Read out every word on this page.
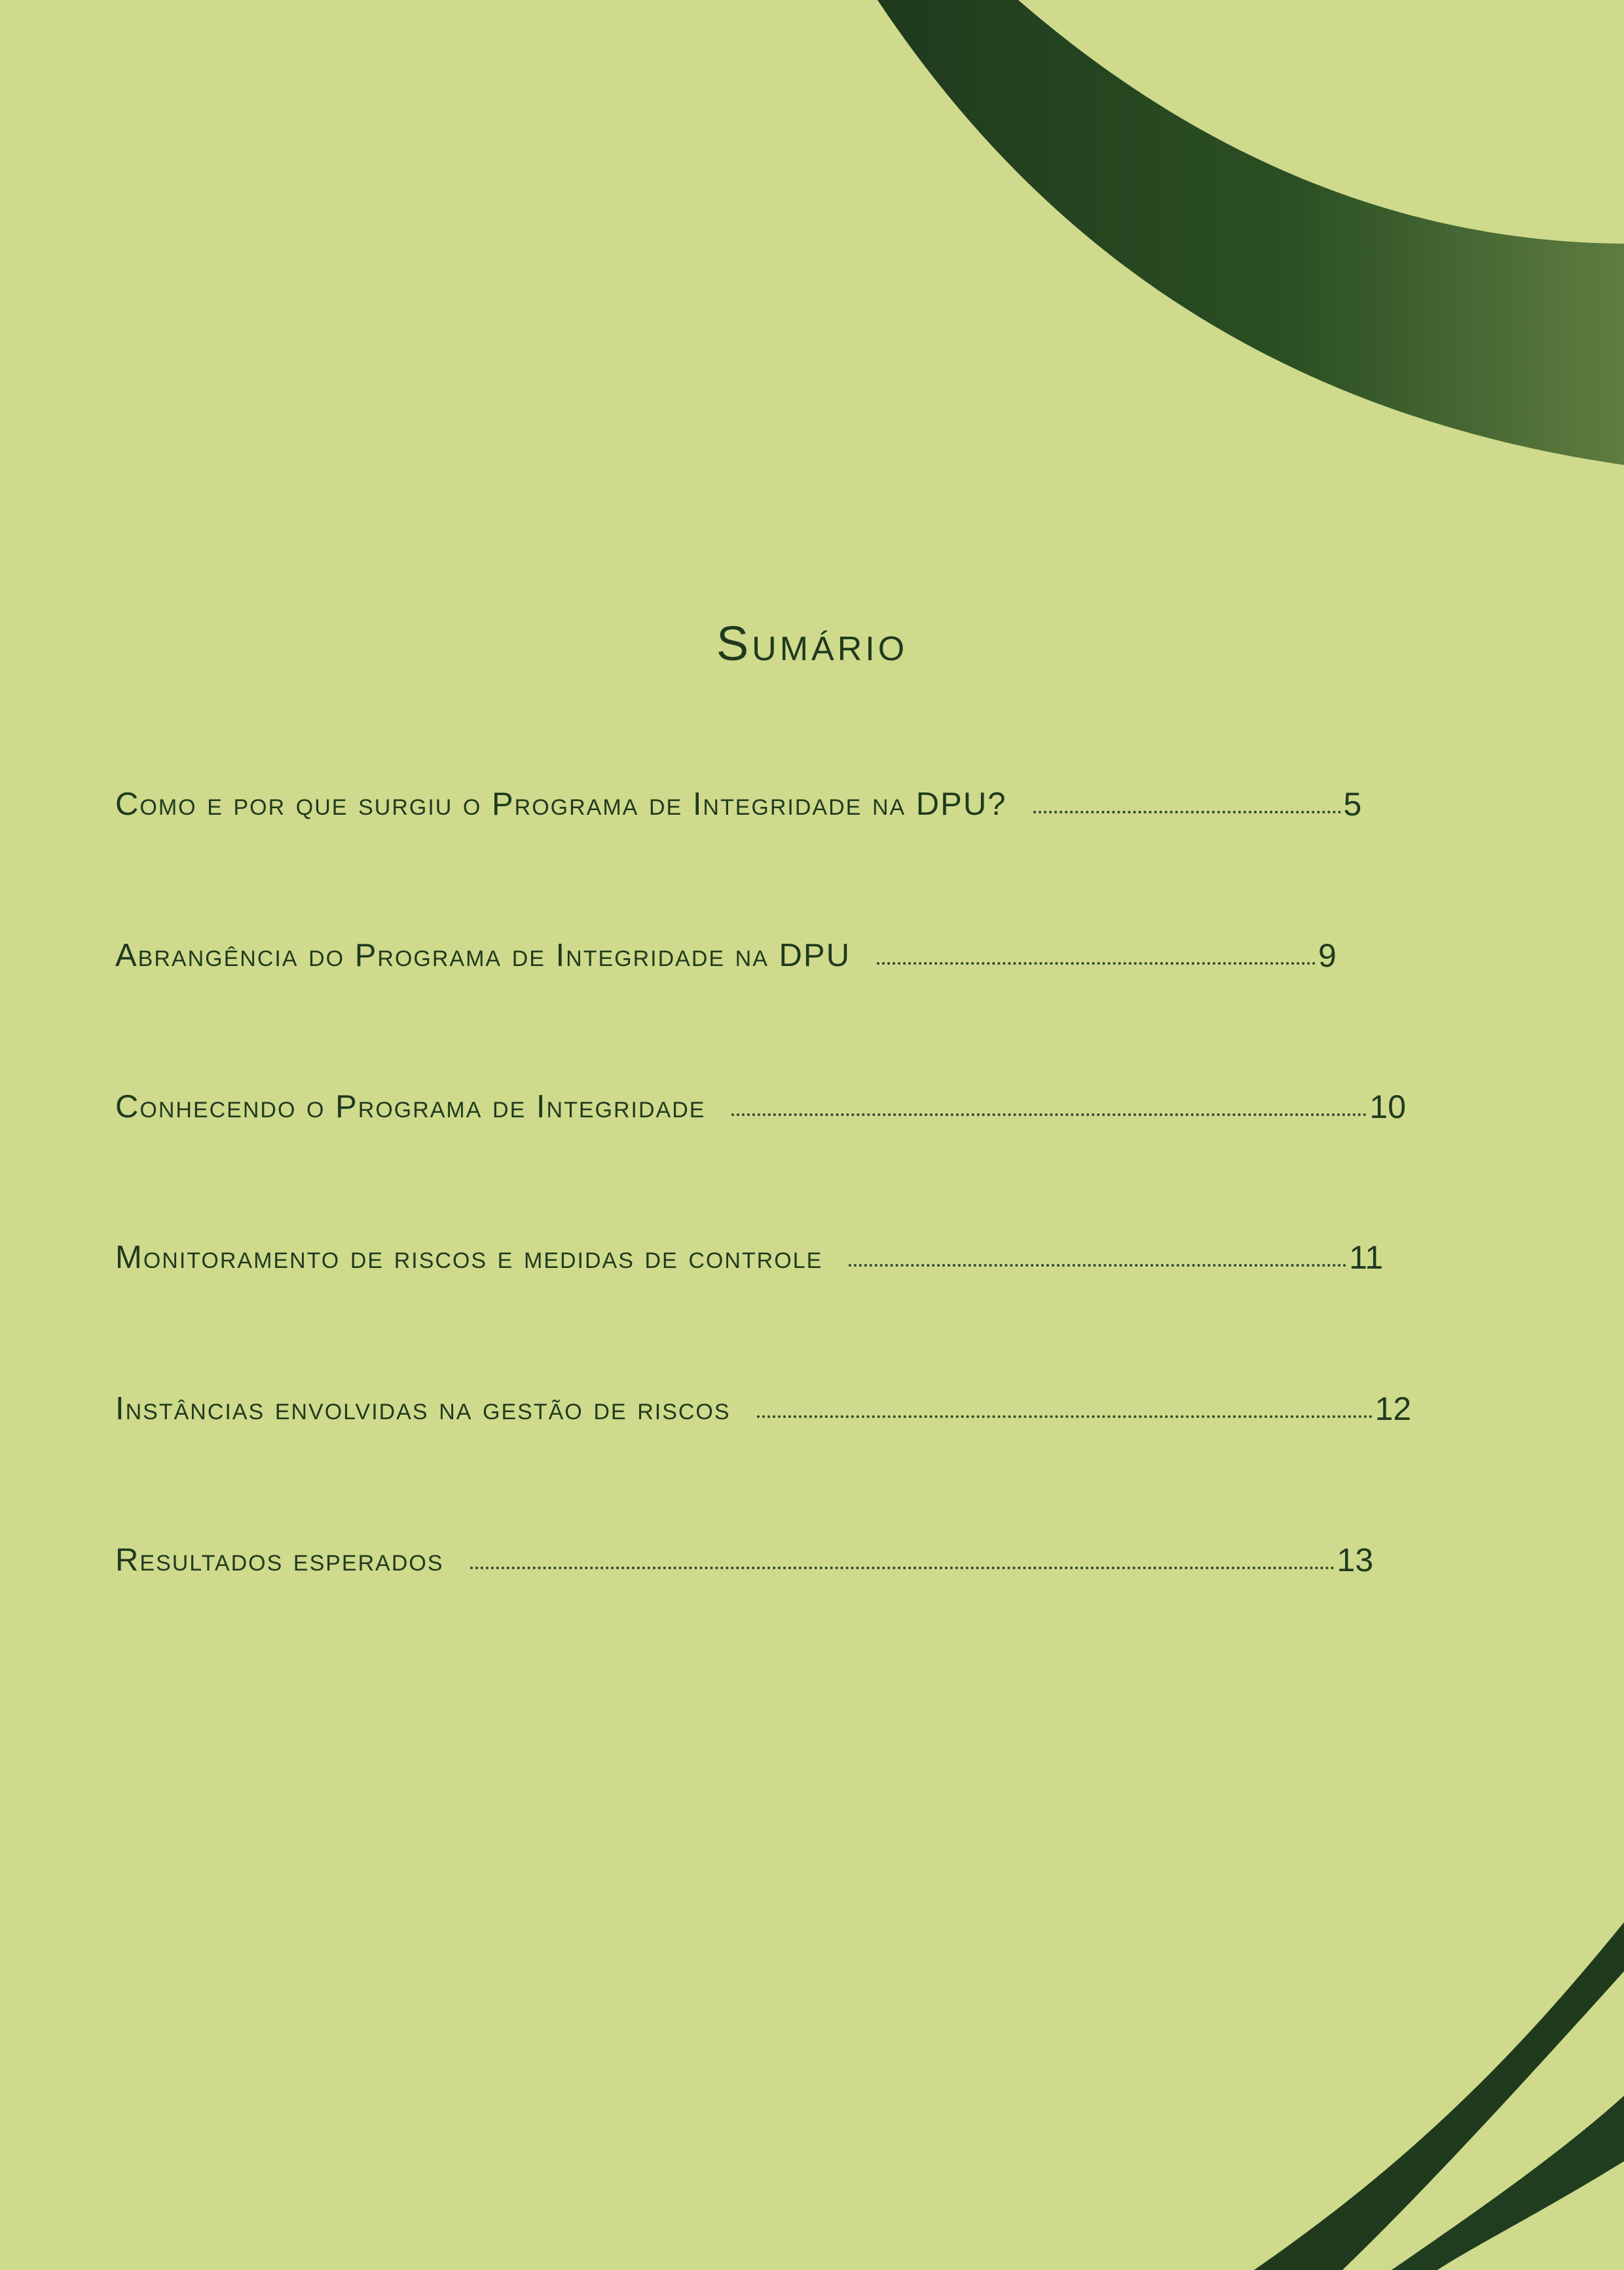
Sumário
Como e por que surgiu o Programa de Integridade na DPU?	5
Abrangência do Programa de Integridade na DPU	9
Conhecendo o Programa de Integridade	10
Monitoramento de riscos e medidas de controle	11
Instâncias envolvidas na gestão de riscos	12
Resultados esperados	13
